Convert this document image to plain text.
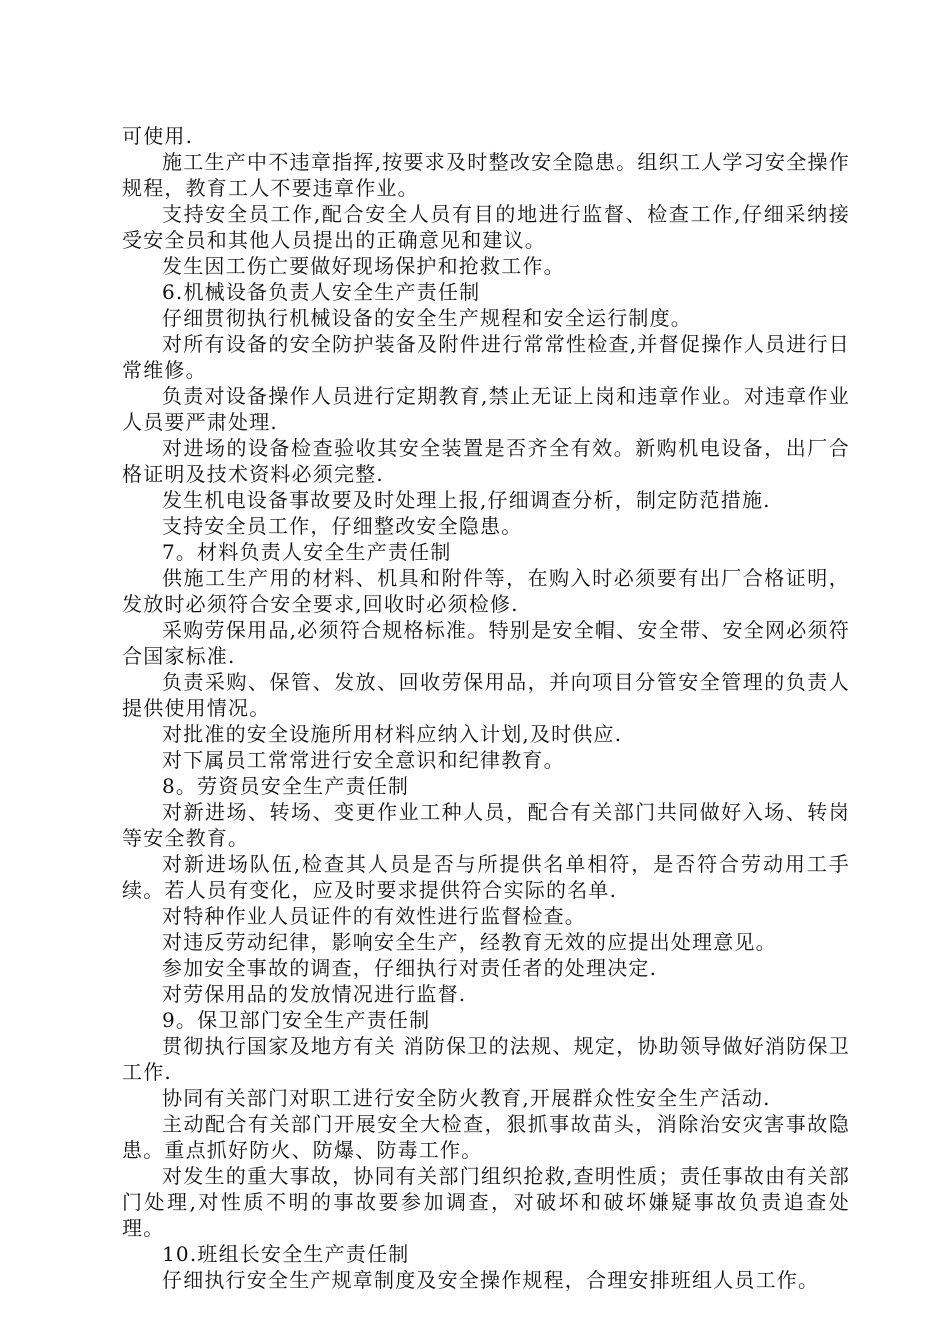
可使用.

施工生产中不违章指挥,按要求及时整改安全隐患。组织工人学习安全操作规程，教育工人不要违章作业。

支持安全员工作,配合安全人员有目的地进行监督、检查工作,仔细采纳接受安全员和其他人员提出的正确意见和建议。

发生因工伤亡要做好现场保护和抢救工作。

6.机械设备负责人安全生产责任制

仔细贯彻执行机械设备的安全生产规程和安全运行制度。

对所有设备的安全防护装备及附件进行常常性检查,并督促操作人员进行日常维修。

负责对设备操作人员进行定期教育,禁止无证上岗和违章作业。对违章作业人员要严肃处理.

对进场的设备检查验收其安全装置是否齐全有效。新购机电设备，出厂合格证明及技术资料必须完整.

发生机电设备事故要及时处理上报,仔细调查分析，制定防范措施.

支持安全员工作，仔细整改安全隐患。

7。材料负责人安全生产责任制

供施工生产用的材料、机具和附件等，在购入时必须要有出厂合格证明，发放时必须符合安全要求,回收时必须检修.

采购劳保用品,必须符合规格标准。特别是安全帽、安全带、安全网必须符合国家标准.

负责采购、保管、发放、回收劳保用品，并向项目分管安全管理的负责人提供使用情况。

对批准的安全设施所用材料应纳入计划,及时供应.

对下属员工常常进行安全意识和纪律教育。

8。劳资员安全生产责任制

对新进场、转场、变更作业工种人员，配合有关部门共同做好入场、转岗等安全教育。

对新进场队伍,检查其人员是否与所提供名单相符，是否符合劳动用工手续。若人员有变化，应及时要求提供符合实际的名单.

对特种作业人员证件的有效性进行监督检查。

对违反劳动纪律，影响安全生产，经教育无效的应提出处理意见。

参加安全事故的调查，仔细执行对责任者的处理决定.

对劳保用品的发放情况进行监督.

9。保卫部门安全生产责任制

贯彻执行国家及地方有关 消防保卫的法规、规定，协助领导做好消防保卫工作.

协同有关部门对职工进行安全防火教育,开展群众性安全生产活动.

主动配合有关部门开展安全大检查，狠抓事故苗头，消除治安灾害事故隐患。重点抓好防火、防爆、防毒工作。

对发生的重大事故，协同有关部门组织抢救,查明性质；责任事故由有关部门处理,对性质不明的事故要参加调查，对破坏和破坏嫌疑事故负责追查处理。

10.班组长安全生产责任制

仔细执行安全生产规章制度及安全操作规程，合理安排班组人员工作。
